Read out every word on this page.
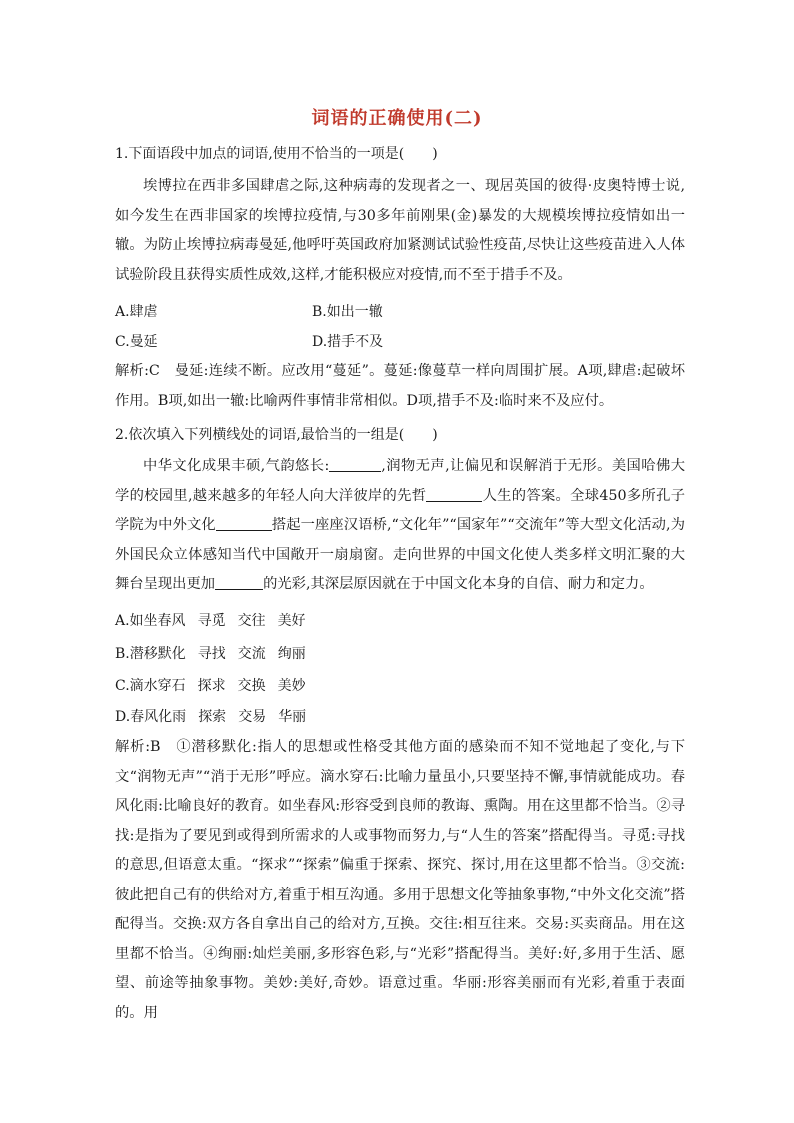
词语的正确使用(二)
1.下面语段中加点的词语,使用不恰当的一项是(　　)
埃博拉在西非多国肆虐之际,这种病毒的发现者之一、现居英国的彼得·皮奥特博士说,如今发生在西非国家的埃博拉疫情,与30多年前刚果(金)暴发的大规模埃博拉疫情如出一辙。为防止埃博拉病毒曼延,他呼吁英国政府加紧测试试验性疫苗,尽快让这些疫苗进入人体试验阶段且获得实质性成效,这样,才能积极应对疫情,而不至于措手不及。
A.肆虐	B.如出一辙
C.曼延	D.措手不及
解析:C　曼延:连续不断。应改用“蔓延”。蔓延:像蔓草一样向周围扩展。A项,肆虐:起破坏作用。B项,如出一辙:比喻两件事情非常相似。D项,措手不及:临时来不及应付。
2.依次填入下列横线处的词语,最恰当的一组是(　　)
中华文化成果丰硕,气韵悠长:	,润物无声,让偏见和误解消于无形。美国哈佛大学的校园里,越来越多的年轻人向大洋彼岸的先哲	人生的答案。全球450多所孔子学院为中外文化	搭起一座座汉语桥,“文化年”“国家年”“交流年”等大型文化活动,为外国民众立体感知当代中国敞开一扇扇窗。走向世界的中国文化使人类多样文明汇聚的大舞台呈现出更加	的光彩,其深层原因就在于中国文化本身的自信、耐力和定力。
A.如坐春风 寻觅 交往 美好
B.潜移默化 寻找 交流 绚丽
C.滴水穿石 探求 交换 美妙
D.春风化雨 探索 交易 华丽
解析:B　①潜移默化:指人的思想或性格受其他方面的感染而不知不觉地起了变化,与下文“润物无声”“消于无形”呼应。滴水穿石:比喻力量虽小,只要坚持不懈,事情就能成功。春风化雨:比喻良好的教育。如坐春风:形容受到良师的教诲、熏陶。用在这里都不恰当。②寻找:是指为了要见到或得到所需求的人或事物而努力,与“人生的答案”搭配得当。寻觅:寻找的意思,但语意太重。“探求”“探索”偏重于探索、探究、探讨,用在这里都不恰当。③交流:彼此把自己有的供给对方,着重于相互沟通。多用于思想文化等抽象事物,“中外文化交流”搭配得当。交换:双方各自拿出自己的给对方,互换。交往:相互往来。交易:买卖商品。用在这里都不恰当。④绚丽:灿烂美丽,多形容色彩,与“光彩”搭配得当。美好:好,多用于生活、愿望、前途等抽象事物。美妙:美好,奇妙。语意过重。华丽:形容美丽而有光彩,着重于表面的。用
